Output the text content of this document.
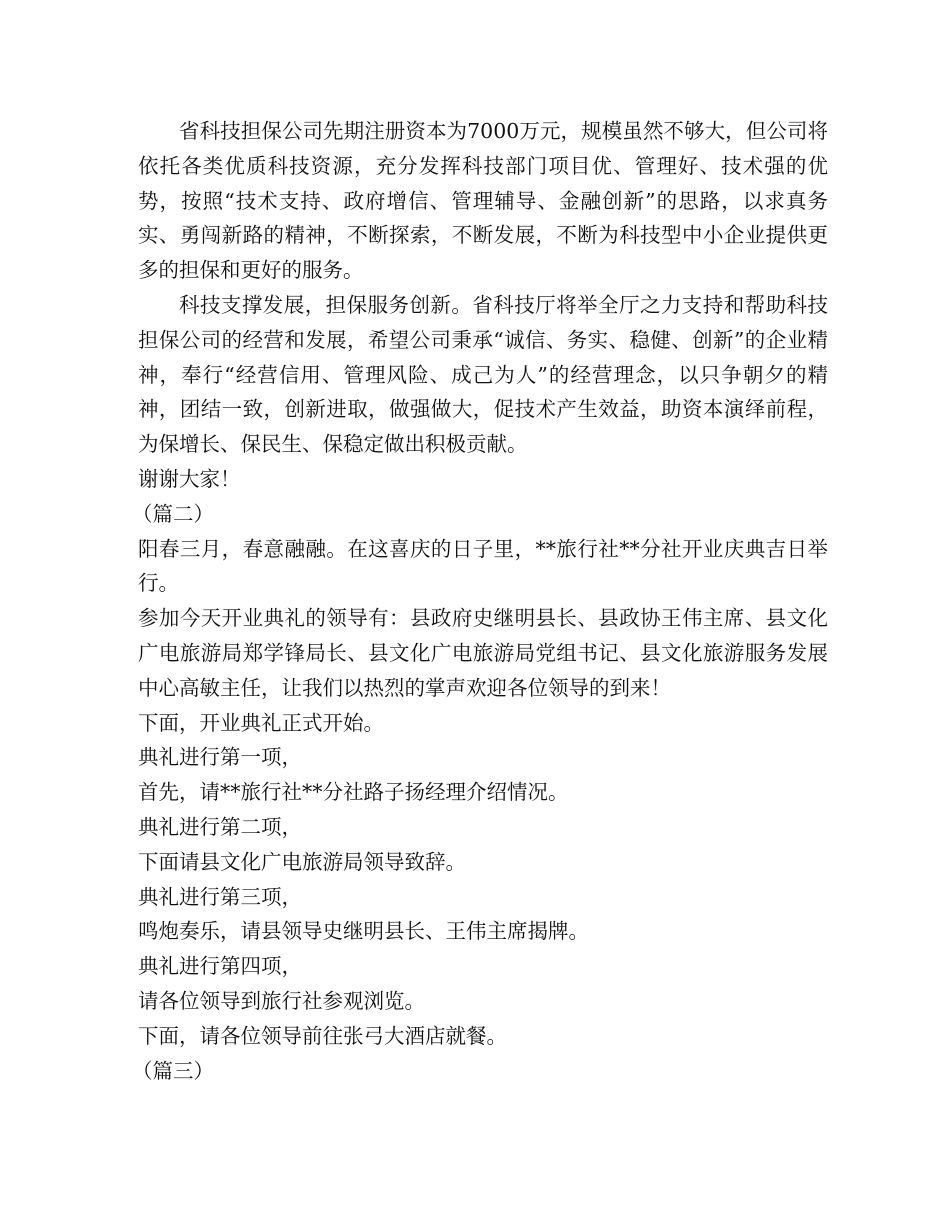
省科技担保公司先期注册资本为7000万元，规模虽然不够大，但公司将依托各类优质科技资源，充分发挥科技部门项目优、管理好、技术强的优势，按照“技术支持、政府增信、管理辅导、金融创新”的思路，以求真务实、勇闯新路的精神，不断探索，不断发展，不断为科技型中小企业提供更多的担保和更好的服务。

科技支撑发展，担保服务创新。省科技厅将举全厅之力支持和帮助科技担保公司的经营和发展，希望公司秉承“诚信、务实、稳健、创新”的企业精神，奉行“经营信用、管理风险、成己为人”的经营理念，以只争朝夕的精神，团结一致，创新进取，做强做大，促技术产生效益，助资本演绎前程，为保增长、保民生、保稳定做出积极贡献。

谢谢大家！

（篇二）

阳春三月，春意融融。在这喜庆的日子里，**旅行社**分社开业庆典吉日举行。

参加今天开业典礼的领导有：县政府史继明县长、县政协王伟主席、县文化广电旅游局郑学锋局长、县文化广电旅游局党组书记、县文化旅游服务发展中心高敏主任，让我们以热烈的掌声欢迎各位领导的到来！

下面，开业典礼正式开始。

典礼进行第一项，

首先，请**旅行社**分社路子扬经理介绍情况。

典礼进行第二项，

下面请县文化广电旅游局领导致辞。

典礼进行第三项，

鸣炮奏乐，请县领导史继明县长、王伟主席揭牌。

典礼进行第四项，

请各位领导到旅行社参观浏览。

下面，请各位领导前往张弓大酒店就餐。

（篇三）
